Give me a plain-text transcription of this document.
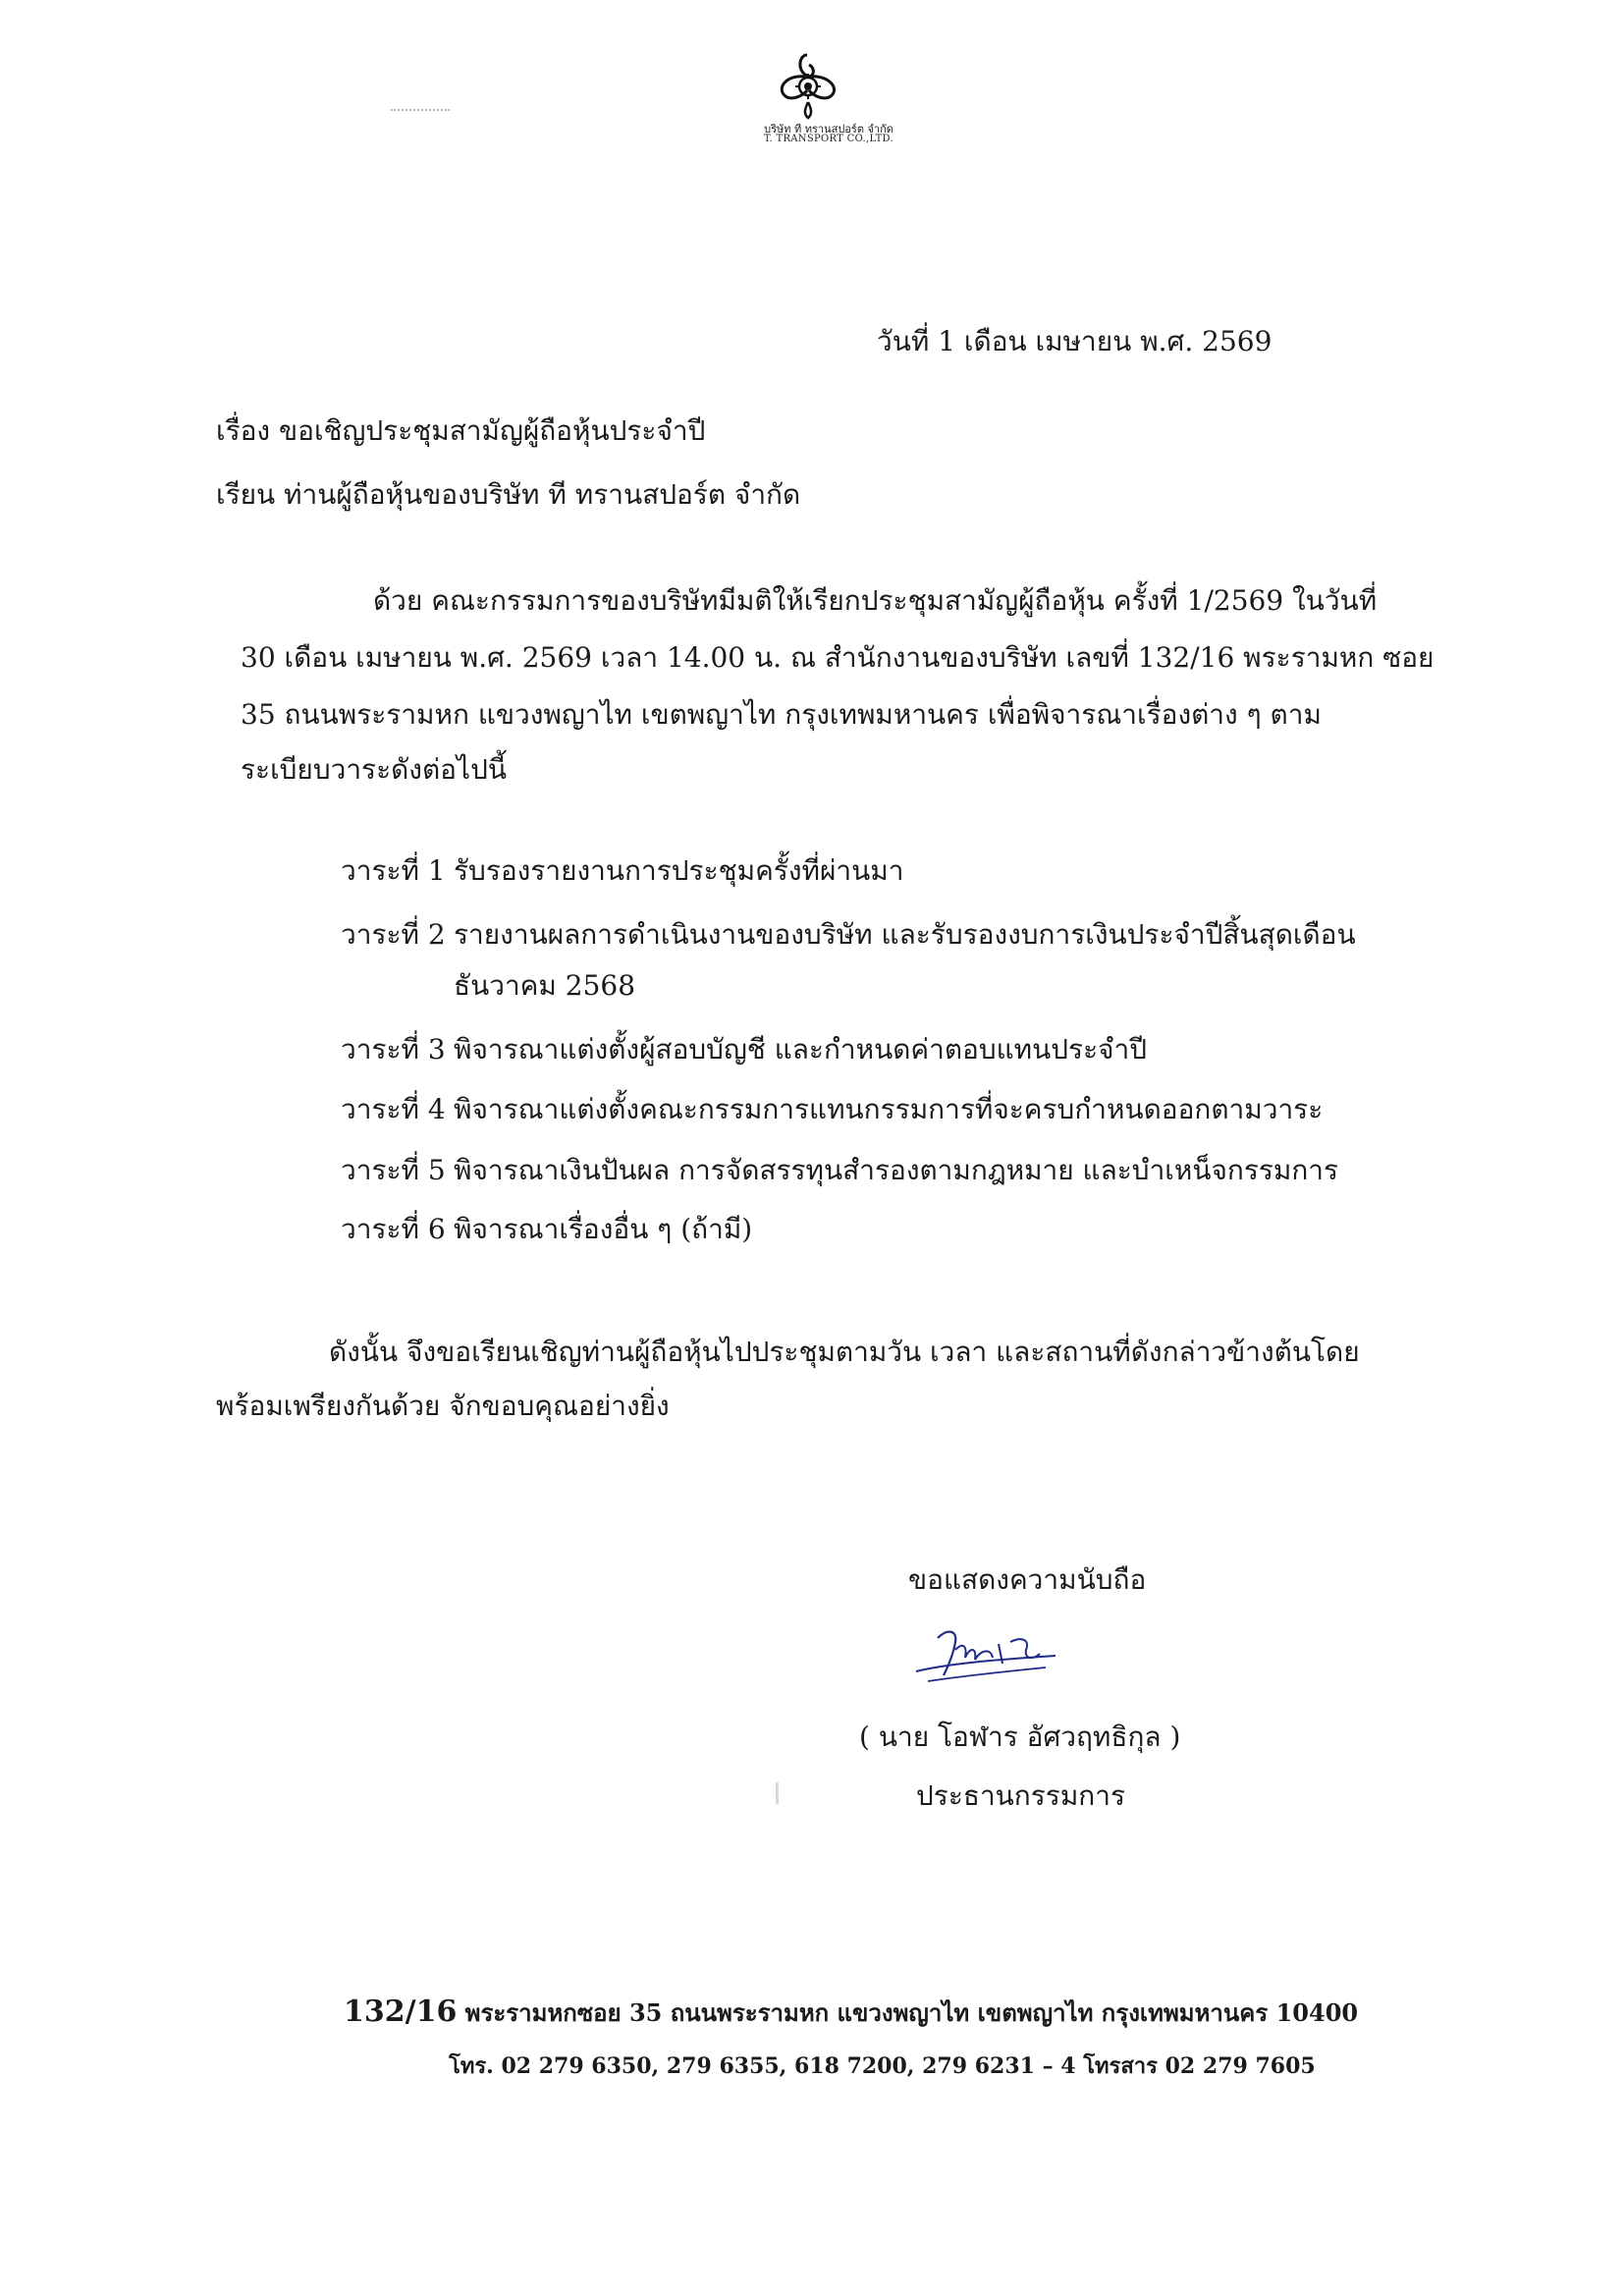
บริษัท ที ทรานสปอร์ต จำกัด
T. TRANSPORT CO.,LTD.
วันที่ 1 เดือน เมษายน พ.ศ. 2569
เรื่อง ขอเชิญประชุมสามัญผู้ถือหุ้นประจำปี
เรียน ท่านผู้ถือหุ้นของบริษัท ที ทรานสปอร์ต จำกัด
ด้วย คณะกรรมการของบริษัทมีมติให้เรียกประชุมสามัญผู้ถือหุ้น ครั้งที่ 1/2569 ในวันที่
30 เดือน เมษายน พ.ศ. 2569 เวลา 14.00 น. ณ สำนักงานของบริษัท เลขที่ 132/16 พระรามหก ซอย
35 ถนนพระรามหก แขวงพญาไท เขตพญาไท กรุงเทพมหานคร เพื่อพิจารณาเรื่องต่าง ๆ ตาม
ระเบียบวาระดังต่อไปนี้
วาระที่ 1 รับรองรายงานการประชุมครั้งที่ผ่านมา
วาระที่ 2 รายงานผลการดำเนินงานของบริษัท และรับรองงบการเงินประจำปีสิ้นสุดเดือน
ธันวาคม 2568
วาระที่ 3 พิจารณาแต่งตั้งผู้สอบบัญชี และกำหนดค่าตอบแทนประจำปี
วาระที่ 4 พิจารณาแต่งตั้งคณะกรรมการแทนกรรมการที่จะครบกำหนดออกตามวาระ
วาระที่ 5 พิจารณาเงินปันผล การจัดสรรทุนสำรองตามกฎหมาย และบำเหน็จกรรมการ
วาระที่ 6 พิจารณาเรื่องอื่น ๆ (ถ้ามี)
ดังนั้น จึงขอเรียนเชิญท่านผู้ถือหุ้นไปประชุมตามวัน เวลา และสถานที่ดังกล่าวข้างต้นโดย
พร้อมเพรียงกันด้วย จักขอบคุณอย่างยิ่ง
ขอแสดงความนับถือ
( นาย โอฬาร อัศวฤทธิกุล )
ประธานกรรมการ
132/16 พระรามหกซอย 35 ถนนพระรามหก แขวงพญาไท เขตพญาไท กรุงเทพมหานคร 10400
โทร. 02 279 6350, 279 6355, 618 7200, 279 6231 – 4 โทรสาร 02 279 7605
